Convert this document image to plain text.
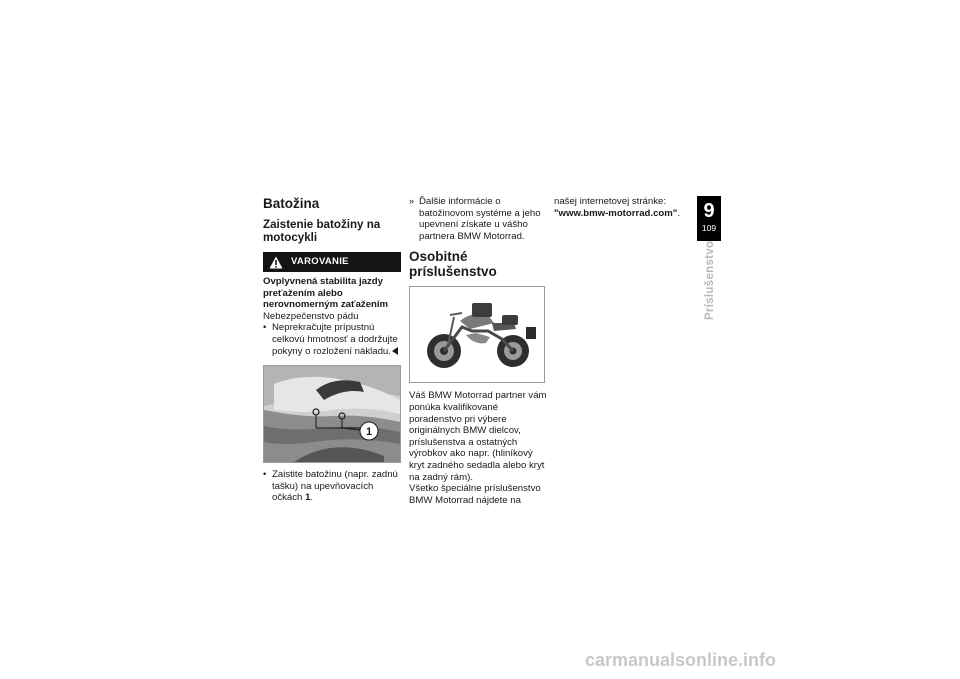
Batožina
Zaistenie batožiny na motocykli
VAROVANIE

Ovplyvnená stabilita jazdy preťažením alebo nerovnomerným zaťažením

Nebezpečenstvo pádu

• Neprekračujte prípustnú celkovú hmotnosť a dodržujte pokyny o rozložení nákladu.
1
• Zaistite batožinu (napr. zadnú tašku) na upevňovacích očkách 1.
» Ďalšie informácie o batožinovom systéme a jeho upevnení získate u vášho partnera BMW Motorrad.
Osobitné príslušenstvo

Váš BMW Motorrad partner vám ponúka kvalifikované poradenstvo pri výbere originálnych BMW dielcov, príslušenstva a ostatných výrobkov ako napr. (hliníkový kryt zadného sedadla alebo kryt na zadný rám).

Všetko špeciálne príslušenstvo BMW Motorrad nájdete na

našej internetovej stránke:

"www.bmw-motorrad.com".	9
109
Príslušenstvo
carmanualsonline.info
